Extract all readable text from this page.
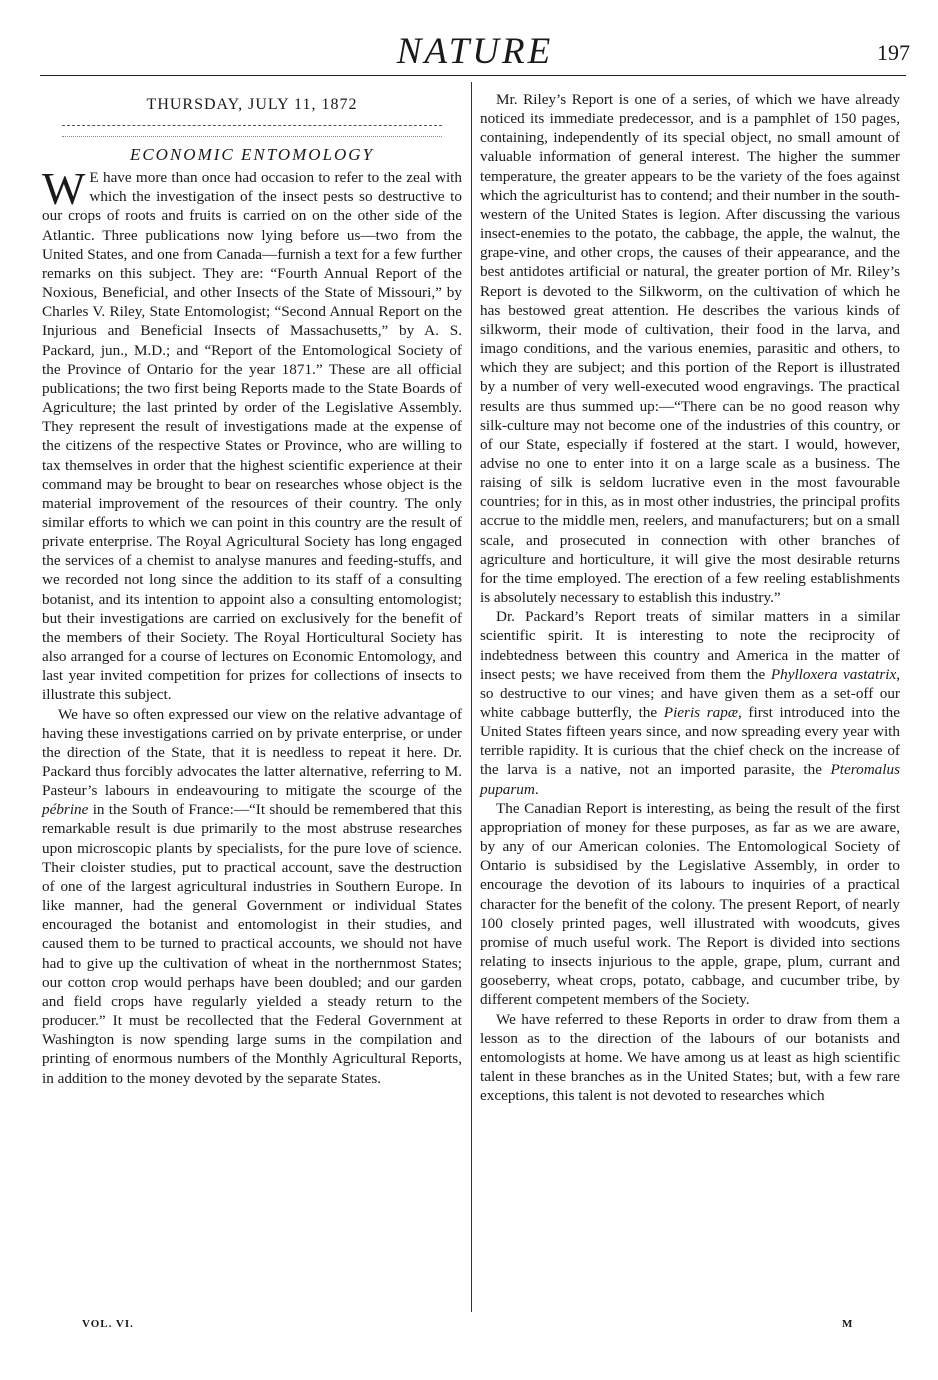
NATURE	197
THURSDAY, JULY 11, 1872
ECONOMIC ENTOMOLOGY

W E have more than once had occasion to refer to the zeal with which the investigation of the insect pests so destructive to our crops of roots and fruits is carried on on the other side of the Atlantic. Three publications now lying before us—two from the United States, and one from Canada—furnish a text for a few further remarks on this subject. They are: “Fourth Annual Report of the Noxious, Beneficial, and other Insects of the State of Missouri,” by Charles V. Riley, State Entomologist; “Second Annual Report on the Injurious and Beneficial Insects of Massachusetts,” by A. S. Packard, jun., M.D.; and “Report of the Entomological Society of the Province of Ontario for the year 1871.” These are all official publications; the two first being Reports made to the State Boards of Agriculture; the last printed by order of the Legislative Assembly. They represent the result of investigations made at the expense of the citizens of the respective States or Province, who are willing to tax themselves in order that the highest scientific experience at their command may be brought to bear on researches whose object is the material improvement of the resources of their country. The only similar efforts to which we can point in this country are the result of private enterprise. The Royal Agricultural Society has long engaged the services of a chemist to analyse manures and feeding-stuffs, and we recorded not long since the addition to its staff of a consulting botanist, and its intention to appoint also a consulting entomologist; but their investigations are carried on exclusively for the benefit of the members of their Society. The Royal Horticultural Society has also arranged for a course of lectures on Economic Entomology, and last year invited competition for prizes for collections of insects to illustrate this subject.

We have so often expressed our view on the relative advantage of having these investigations carried on by private enterprise, or under the direction of the State, that it is needless to repeat it here. Dr. Packard thus forcibly advocates the latter alternative, referring to M. Pasteur’s labours in endeavouring to mitigate the scourge of the pébrine in the South of France:—“It should be remembered that this remarkable result is due primarily to the most abstruse researches upon microscopic plants by specialists, for the pure love of science. Their cloister studies, put to practical account, save the destruction of one of the largest agricultural industries in Southern Europe. In like manner, had the general Government or individual States encouraged the botanist and entomologist in their studies, and caused them to be turned to practical accounts, we should not have had to give up the cultivation of wheat in the northernmost States; our cotton crop would perhaps have been doubled; and our garden and field crops have regularly yielded a steady return to the producer.” It must be recollected that the Federal Government at Washington is now spending large sums in the compilation and printing of enormous numbers of the Monthly Agricultural Reports, in addition to the money devoted by the separate States.

Mr. Riley’s Report is one of a series, of which we have already noticed its immediate predecessor, and is a pamphlet of 150 pages, containing, independently of its special object, no small amount of valuable information of general interest. The higher the summer temperature, the greater appears to be the variety of the foes against which the agriculturist has to contend; and their number in the south-western of the United States is legion. After discussing the various insect-enemies to the potato, the cabbage, the apple, the walnut, the grape-vine, and other crops, the causes of their appearance, and the best antidotes artificial or natural, the greater portion of Mr. Riley’s Report is devoted to the Silkworm, on the cultivation of which he has bestowed great attention. He describes the various kinds of silkworm, their mode of cultivation, their food in the larva, and imago conditions, and the various enemies, parasitic and others, to which they are subject; and this portion of the Report is illustrated by a number of very well-executed wood engravings. The practical results are thus summed up:—“There can be no good reason why silk-culture may not become one of the industries of this country, or of our State, especially if fostered at the start. I would, however, advise no one to enter into it on a large scale as a business. The raising of silk is seldom lucrative even in the most favourable countries; for in this, as in most other industries, the principal profits accrue to the middle men, reelers, and manufacturers; but on a small scale, and prosecuted in connection with other branches of agriculture and horticulture, it will give the most desirable returns for the time employed. The erection of a few reeling establishments is absolutely necessary to establish this industry.”

Dr. Packard’s Report treats of similar matters in a similar scientific spirit. It is interesting to note the reciprocity of indebtedness between this country and America in the matter of insect pests; we have received from them the Phylloxera vastatrix, so destructive to our vines; and have given them as a set-off our white cabbage butterfly, the Pieris rapæ, first introduced into the United States fifteen years since, and now spreading every year with terrible rapidity. It is curious that the chief check on the increase of the larva is a native, not an imported parasite, the Pteromalus puparum.

The Canadian Report is interesting, as being the result of the first appropriation of money for these purposes, as far as we are aware, by any of our American colonies. The Entomological Society of Ontario is subsidised by the Legislative Assembly, in order to encourage the devotion of its labours to inquiries of a practical character for the benefit of the colony. The present Report, of nearly 100 closely printed pages, well illustrated with woodcuts, gives promise of much useful work. The Report is divided into sections relating to insects injurious to the apple, grape, plum, currant and gooseberry, wheat crops, potato, cabbage, and cucumber tribe, by different competent members of the Society.

We have referred to these Reports in order to draw from them a lesson as to the direction of the labours of our botanists and entomologists at home. We have among us at least as high scientific talent in these branches as in the United States; but, with a few rare exceptions, this talent is not devoted to researches which

VOL. VI.	M
